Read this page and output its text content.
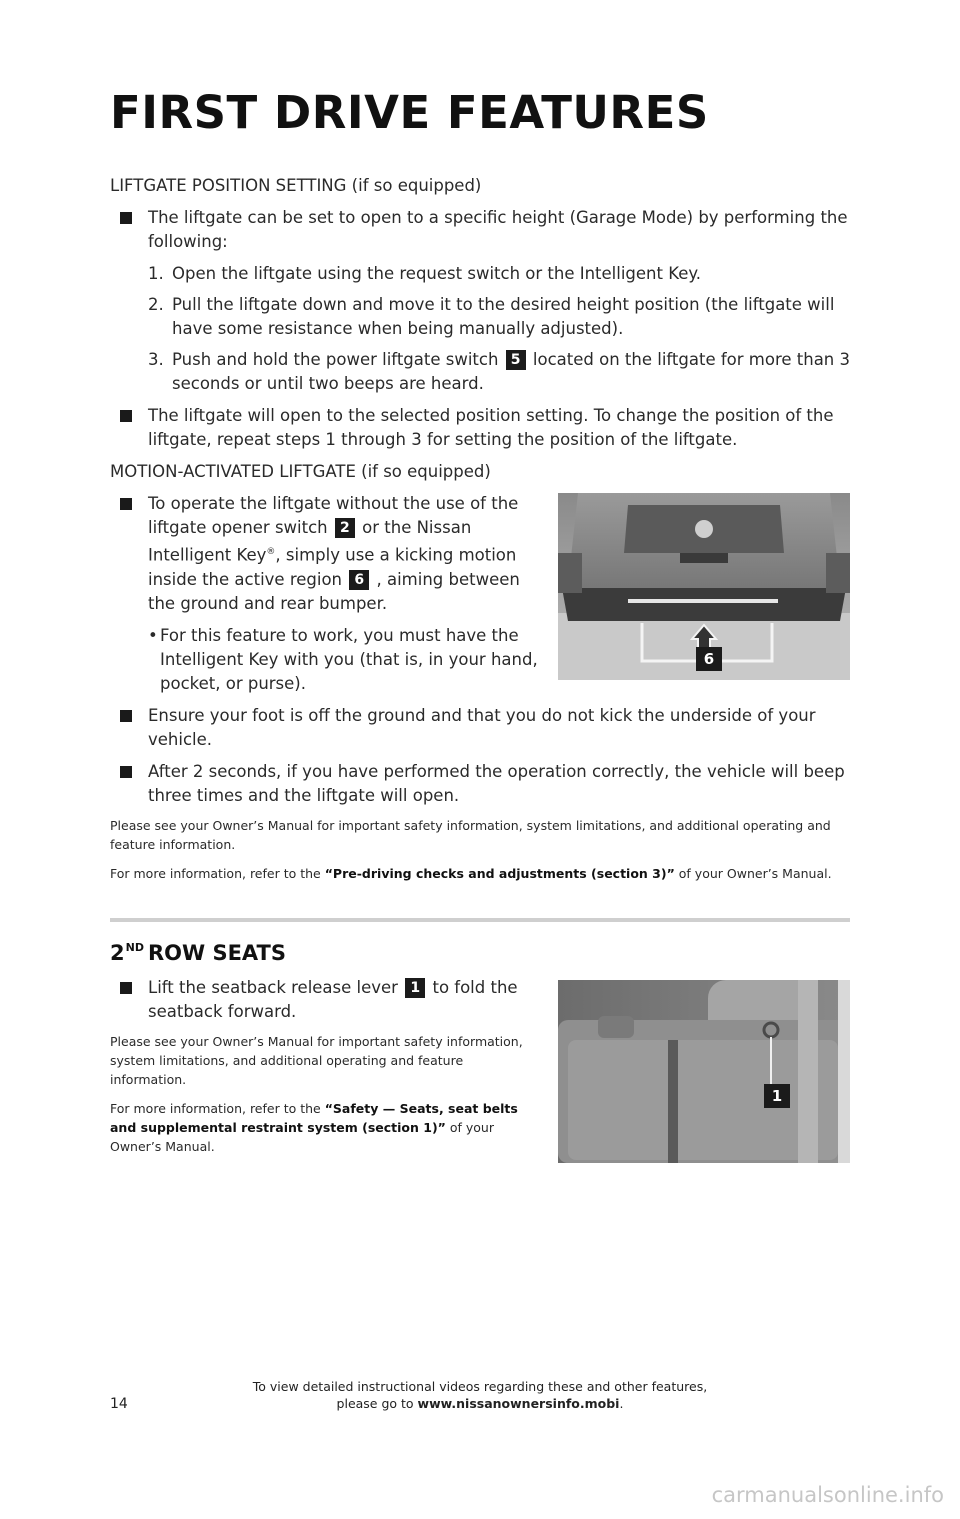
FIRST DRIVE FEATURES

LIFTGATE POSITION SETTING (if so equipped)

The liftgate can be set to open to a specific height (Garage Mode) by performing the following:

1. Open the liftgate using the request switch or the Intelligent Key.
2. Pull the liftgate down and move it to the desired height position (the liftgate will have some resistance when being manually adjusted).
3. Push and hold the power liftgate switch 5 located on the liftgate for more than 3 seconds or until two beeps are heard.

The liftgate will open to the selected position setting. To change the position of the liftgate, repeat steps 1 through 3 for setting the position of the liftgate.

MOTION-ACTIVATED LIFTGATE (if so equipped)

To operate the liftgate without the use of the liftgate opener switch 2 or the Nissan Intelligent Key®, simply use a kicking motion inside the active region 6 , aiming between the ground and rear bumper.

• For this feature to work, you must have the Intelligent Key with you (that is, in your hand, pocket, or purse).

Ensure your foot is off the ground and that you do not kick the underside of your vehicle.

After 2 seconds, if you have performed the operation correctly, the vehicle will beep three times and the liftgate will open.

Please see your Owner’s Manual for important safety information, system limitations, and additional operating and feature information.

For more information, refer to the “Pre-driving checks and adjustments (section 3)” of your Owner’s Manual.

6
2ND ROW SEATS

Lift the seatback release lever 1 to fold the seatback forward.

Please see your Owner’s Manual for important safety information, system limitations, and additional operating and feature information.

For more information, refer to the “Safety — Seats, seat belts and supplemental restraint system (section 1)” of your Owner’s Manual.

1
14
To view detailed instructional videos regarding these and other features,
please go to www.nissanownersinfo.mobi.
carmanualsonline.info
